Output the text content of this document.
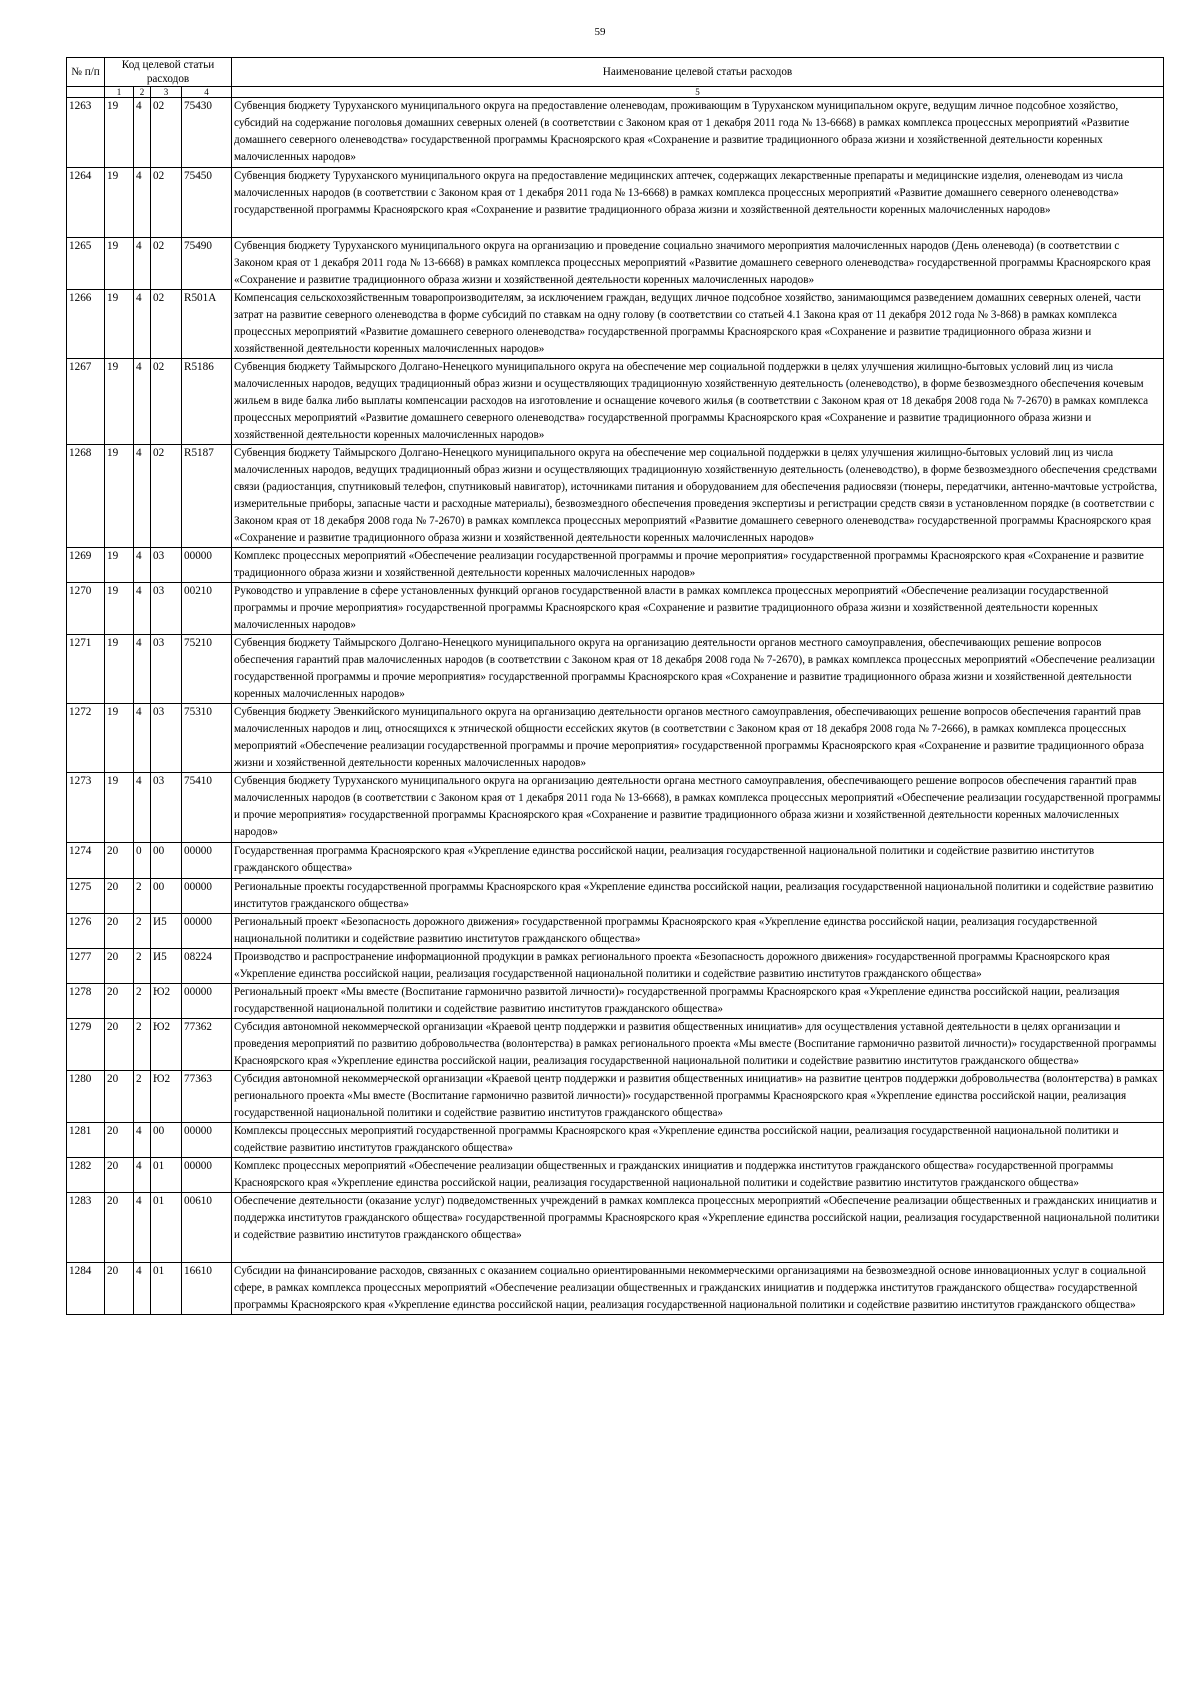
59
№ п/п	Код целевой статьи расходов				Наименование целевой статьи расходов

	1	2	3	4	5
1263	19	4	02	75430	Субвенция бюджету Туруханского муниципального округа на предоставление оленеводам, проживающим в Туруханском муниципальном округе, ведущим личное подсобное хозяйство, субсидий на содержание поголовья домашних северных оленей (в соответствии с Законом края от 1 декабря 2011 года № 13-6668) в рамках комплекса процессных мероприятий «Развитие домашнего северного оленеводства» государственной программы Красноярского края «Сохранение и развитие традиционного образа жизни и хозяйственной деятельности коренных малочисленных народов»
1264	19	4	02	75450	Субвенция бюджету Туруханского муниципального округа на предоставление медицинских аптечек, содержащих лекарственные препараты и медицинские изделия, оленеводам из числа малочисленных народов (в соответствии с Законом края от 1 декабря 2011 года № 13-6668) в рамках комплекса процессных мероприятий «Развитие домашнего северного оленеводства» государственной программы Красноярского края «Сохранение и развитие традиционного образа жизни и хозяйственной деятельности коренных малочисленных народов»
1265	19	4	02	75490	Субвенция бюджету Туруханского муниципального округа на организацию и проведение социально значимого мероприятия малочисленных народов (День оленевода) (в соответствии с Законом края от 1 декабря 2011 года № 13-6668) в рамках комплекса процессных мероприятий «Развитие домашнего северного оленеводства» государственной программы Красноярского края «Сохранение и развитие традиционного образа жизни и хозяйственной деятельности коренных малочисленных народов»
1266	19	4	02	R501A	Компенсация сельскохозяйственным товаропроизводителям, за исключением граждан, ведущих личное подсобное хозяйство, занимающимся разведением домашних северных оленей, части затрат на развитие северного оленеводства в форме субсидий по ставкам на одну голову (в соответствии со статьей 4.1 Закона края от 11 декабря 2012 года № 3-868) в рамках комплекса процессных мероприятий «Развитие домашнего северного оленеводства» государственной программы Красноярского края «Сохранение и развитие традиционного образа жизни и хозяйственной деятельности коренных малочисленных народов»
1267	19	4	02	R5186	Субвенция бюджету Таймырского Долгано-Ненецкого муниципального округа на обеспечение мер социальной поддержки в целях улучшения жилищно-бытовых условий лиц из числа малочисленных народов, ведущих традиционный образ жизни и осуществляющих традиционную хозяйственную деятельность (оленеводство), в форме безвозмездного обеспечения кочевым жильем в виде балка либо выплаты компенсации расходов на изготовление и оснащение кочевого жилья (в соответствии с Законом края от 18 декабря 2008 года № 7-2670) в рамках комплекса процессных мероприятий «Развитие домашнего северного оленеводства» государственной программы Красноярского края «Сохранение и развитие традиционного образа жизни и хозяйственной деятельности коренных малочисленных народов»
1268	19	4	02	R5187	Субвенция бюджету Таймырского Долгано-Ненецкого муниципального округа на обеспечение мер социальной поддержки в целях улучшения жилищно-бытовых условий лиц из числа малочисленных народов, ведущих традиционный образ жизни и осуществляющих традиционную хозяйственную деятельность (оленеводство), в форме безвозмездного обеспечения средствами связи (радиостанция, спутниковый телефон, спутниковый навигатор), источниками питания и оборудованием для обеспечения радиосвязи (тюнеры, передатчики, антенно-мачтовые устройства, измерительные приборы, запасные части и расходные материалы), безвозмездного обеспечения проведения экспертизы и регистрации средств связи в установленном порядке (в соответствии с Законом края от 18 декабря 2008 года № 7-2670) в рамках комплекса процессных мероприятий «Развитие домашнего северного оленеводства» государственной программы Красноярского края «Сохранение и развитие традиционного образа жизни и хозяйственной деятельности коренных малочисленных народов»
1269	19	4	03	00000	Комплекс процессных мероприятий «Обеспечение реализации государственной программы и прочие мероприятия» государственной программы Красноярского края «Сохранение и развитие традиционного образа жизни и хозяйственной деятельности коренных малочисленных народов»
1270	19	4	03	00210	Руководство и управление в сфере установленных функций органов государственной власти в рамках комплекса процессных мероприятий «Обеспечение реализации государственной программы и прочие мероприятия» государственной программы Красноярского края «Сохранение и развитие традиционного образа жизни и хозяйственной деятельности коренных малочисленных народов»
1271	19	4	03	75210	Субвенция бюджету Таймырского Долгано-Ненецкого муниципального округа на организацию деятельности органов местного самоуправления, обеспечивающих решение вопросов обеспечения гарантий прав малочисленных народов (в соответствии с Законом края от 18 декабря 2008 года № 7-2670), в рамках комплекса процессных мероприятий «Обеспечение реализации государственной программы и прочие мероприятия» государственной программы Красноярского края «Сохранение и развитие традиционного образа жизни и хозяйственной деятельности коренных малочисленных народов»
1272	19	4	03	75310	Субвенция бюджету Эвенкийского муниципального округа на организацию деятельности органов местного самоуправления, обеспечивающих решение вопросов обеспечения гарантий прав малочисленных народов и лиц, относящихся к этнической общности ессейских якутов (в соответствии с Законом края от 18 декабря 2008 года № 7-2666), в рамках комплекса процессных мероприятий «Обеспечение реализации государственной программы и прочие мероприятия» государственной программы Красноярского края «Сохранение и развитие традиционного образа жизни и хозяйственной деятельности коренных малочисленных народов»
1273	19	4	03	75410	Субвенция бюджету Туруханского муниципального округа на организацию деятельности органа местного самоуправления, обеспечивающего решение вопросов обеспечения гарантий прав малочисленных народов (в соответствии с Законом края от 1 декабря 2011 года № 13-6668), в рамках комплекса процессных мероприятий «Обеспечение реализации государственной программы и прочие мероприятия» государственной программы Красноярского края «Сохранение и развитие традиционного образа жизни и хозяйственной деятельности коренных малочисленных народов»
1274	20	0	00	00000	Государственная программа Красноярского края «Укрепление единства российской нации, реализация государственной национальной политики и содействие развитию институтов гражданского общества»
1275	20	2	00	00000	Региональные проекты государственной программы Красноярского края «Укрепление единства российской нации, реализация государственной национальной политики и содействие развитию институтов гражданского общества»
1276	20	2	И5	00000	Региональный проект «Безопасность дорожного движения» государственной программы Красноярского края «Укрепление единства российской нации, реализация государственной национальной политики и содействие развитию институтов гражданского общества»
1277	20	2	И5	08224	Производство и распространение информационной продукции в рамках регионального проекта «Безопасность дорожного движения» государственной программы Красноярского края «Укрепление единства российской нации, реализация государственной национальной политики и содействие развитию институтов гражданского общества»
1278	20	2	Ю2	00000	Региональный проект «Мы вместе (Воспитание гармонично развитой личности)» государственной программы Красноярского края «Укрепление единства российской нации, реализация государственной национальной политики и содействие развитию институтов гражданского общества»
1279	20	2	Ю2	77362	Субсидия автономной некоммерческой организации «Краевой центр поддержки и развития общественных инициатив» для осуществления уставной деятельности в целях организации и проведения мероприятий по развитию добровольчества (волонтерства) в рамках регионального проекта «Мы вместе (Воспитание гармонично развитой личности)» государственной программы Красноярского края «Укрепление единства российской нации, реализация государственной национальной политики и содействие развитию институтов гражданского общества»
1280	20	2	Ю2	77363	Субсидия автономной некоммерческой организации «Краевой центр поддержки и развития общественных инициатив» на развитие центров поддержки добровольчества (волонтерства) в рамках регионального проекта «Мы вместе (Воспитание гармонично развитой личности)» государственной программы Красноярского края «Укрепление единства российской нации, реализация государственной национальной политики и содействие развитию институтов гражданского общества»
1281	20	4	00	00000	Комплексы процессных мероприятий государственной программы Красноярского края «Укрепление единства российской нации, реализация государственной национальной политики и содействие развитию институтов гражданского общества»
1282	20	4	01	00000	Комплекс процессных мероприятий «Обеспечение реализации общественных и гражданских инициатив и поддержка институтов гражданского общества» государственной программы Красноярского края «Укрепление единства российской нации, реализация государственной национальной политики и содействие развитию институтов гражданского общества»
1283	20	4	01	00610	Обеспечение деятельности (оказание услуг) подведомственных учреждений в рамках комплекса процессных мероприятий «Обеспечение реализации общественных и гражданских инициатив и поддержка институтов гражданского общества» государственной программы Красноярского края «Укрепление единства российской нации, реализация государственной национальной политики и содействие развитию институтов гражданского общества»
1284	20	4	01	16610	Субсидии на финансирование расходов, связанных с оказанием социально ориентированными некоммерческими организациями на безвозмездной основе инновационных услуг в социальной сфере, в рамках комплекса процессных мероприятий «Обеспечение реализации общественных и гражданских инициатив и поддержка институтов гражданского общества» государственной программы Красноярского края «Укрепление единства российской нации, реализация государственной национальной политики и содействие развитию институтов гражданского общества»
